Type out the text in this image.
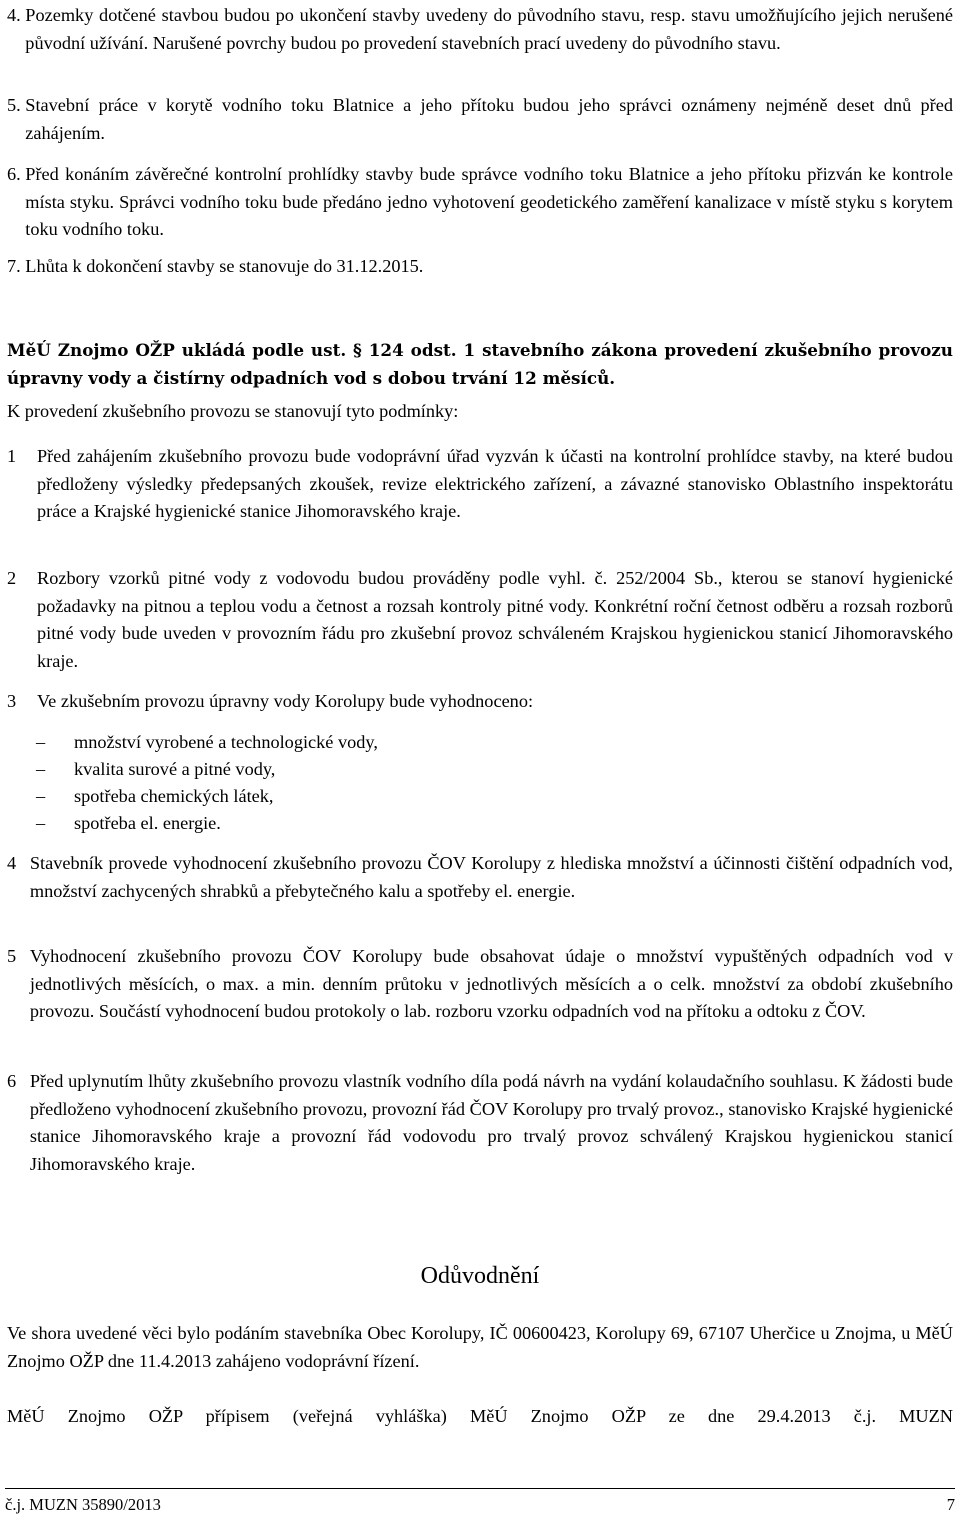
4.
Pozemky dotčené stavbou budou po ukončení stavby uvedeny do původního stavu, resp. stavu umožňujícího jejich nerušené původní užívání. Narušené povrchy budou po provedení stavebních prací uvedeny do původního stavu.
5.
Stavební práce v korytě vodního toku Blatnice a jeho přítoku budou jeho správci oznámeny nejméně deset dnů před zahájením.
6.
Před konáním závěrečné kontrolní prohlídky stavby bude správce vodního toku Blatnice a jeho přítoku přizván ke kontrole místa styku. Správci vodního toku bude předáno jedno vyhotovení geodetického zaměření kanalizace v místě styku s korytem toku vodního toku.
7.
Lhůta k dokončení stavby se stanovuje do 31.12.2015.
MěÚ Znojmo OŽP ukládá podle ust. § 124 odst. 1 stavebního zákona provedení zkušebního provozu úpravny vody a čistírny odpadních vod s dobou trvání 12 měsíců.
K provedení zkušebního provozu se stanovují tyto podmínky:
1	Před zahájením zkušebního provozu bude vodoprávní úřad vyzván k účasti na kontrolní prohlídce stavby, na které budou předloženy výsledky předepsaných zkoušek, revize elektrického zařízení, a závazné stanovisko Oblastního inspektorátu práce a Krajské hygienické stanice Jihomoravského kraje.
2	Rozbory vzorků pitné vody z vodovodu budou prováděny podle vyhl. č. 252/2004 Sb., kterou se stanoví hygienické požadavky na pitnou a teplou vodu a četnost a rozsah kontroly pitné vody. Konkrétní roční četnost odběru a rozsah rozborů pitné vody bude uveden v provozním řádu pro zkušební provoz schváleném Krajskou hygienickou stanicí Jihomoravského kraje.
3	Ve zkušebním provozu úpravny vody Korolupy bude vyhodnoceno:
– množství vyrobené a technologické vody,
– kvalita surové a pitné vody,
– spotřeba chemických látek,
– spotřeba el. energie.
4
Stavebník provede vyhodnocení zkušebního provozu ČOV Korolupy z hlediska množství a účinnosti čištění odpadních vod, množství zachycených shrabků a přebytečného kalu a spotřeby el. energie.
5
Vyhodnocení zkušebního provozu ČOV Korolupy bude obsahovat údaje o množství vypuštěných odpadních vod v jednotlivých měsících, o max. a min. denním průtoku v jednotlivých měsících a o celk. množství za období zkušebního provozu. Součástí vyhodnocení budou protokoly o lab. rozboru vzorku odpadních vod na přítoku a odtoku z ČOV.
6
Před uplynutím lhůty zkušebního provozu vlastník vodního díla podá návrh na vydání kolaudačního souhlasu. K žádosti bude předloženo vyhodnocení zkušebního provozu, provozní řád ČOV Korolupy pro trvalý provoz., stanovisko Krajské hygienické stanice Jihomoravského kraje a provozní řád vodovodu pro trvalý provoz schválený Krajskou hygienickou stanicí Jihomoravského kraje.
Odůvodnění
Ve shora uvedené věci bylo podáním stavebníka Obec Korolupy, IČ 00600423, Korolupy 69, 67107 Uherčice u Znojma, u MěÚ Znojmo OŽP dne 11.4.2013 zahájeno vodoprávní řízení.
MěÚ Znojmo OŽP přípisem (veřejná vyhláška) MěÚ Znojmo OŽP ze dne 29.4.2013 č.j. MUZN
č.j. MUZN 35890/2013	7
